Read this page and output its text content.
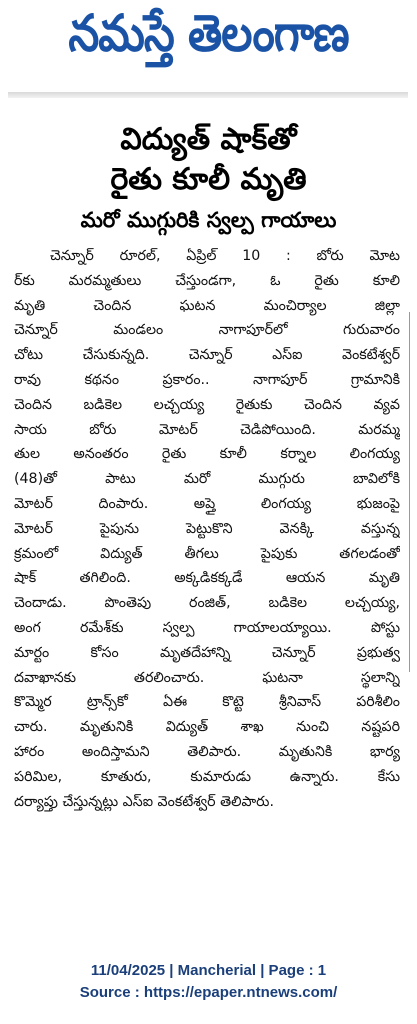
నమస్తే తెలంగాణ
విద్యుత్ షాక్‌తో
రైతు కూలీ మృతి
మరో ముగ్గురికి స్వల్ప గాయాలు
చెన్నూర్ రూరల్, ఏప్రిల్ 10 : బోరు మోట
ర్‌కు మరమ్మతులు చేస్తుండగా, ఓ రైతు కూలి
మృతి చెందిన ఘటన మంచిర్యాల జిల్లా
చెన్నూర్ మండలం నాగాపూర్‌లో గురువారం
చోటు చేసుకున్నది. చెన్నూర్ ఎస్ఐ వెంకటేశ్వర్
రావు కథనం ప్రకారం.. నాగాపూర్ గ్రామానికి
చెందిన బడికెల లచ్చయ్య రైతుకు చెందిన వ్యవ
సాయ బోరు మోటర్ చెడిపోయింది. మరమ్మ
తుల అనంతరం రైతు కూలీ కర్నాల లింగయ్య
(48)తో పాటు మరో ముగ్గురు బావిలోకి
మోటర్ దింపారు. అప్తై లింగయ్య భుజంపై
మోటర్ పైపును పెట్టుకొని వెనక్కి వస్తున్న
క్రమంలో విద్యుత్ తీగలు పైపుకు తగలడంతో
షాక్ తగిలింది. అక్కడికక్కడే ఆయన మృతి
చెందాడు. పొంతెపు రంజిత్, బడికెల లచ్చయ్య,
అంగ రమేశ్‌కు స్వల్ప గాయాలయ్యాయి. పోస్టు
మార్టం కోసం మృతదేహాన్ని చెన్నూర్ ప్రభుత్వ
దవాఖానకు తరలించారు. ఘటనా స్థలాన్ని
కొమ్మెర ట్రాన్స్‌కో ఏఈ కొట్టె శ్రీనివాస్ పరిశీలిం
చారు. మృతునికి విద్యుత్ శాఖ నుంచి నష్టపరి
హారం అందిస్తామని తెలిపారు. మృతునికి భార్య
పరిమిల, కూతురు, కుమారుడు ఉన్నారు. కేసు
దర్యాప్తు చేస్తున్నట్లు ఎస్ఐ వెంకటేశ్వర్ తెలిపారు.
11/04/2025 | Mancherial | Page : 1
Source : https://epaper.ntnews.com/
